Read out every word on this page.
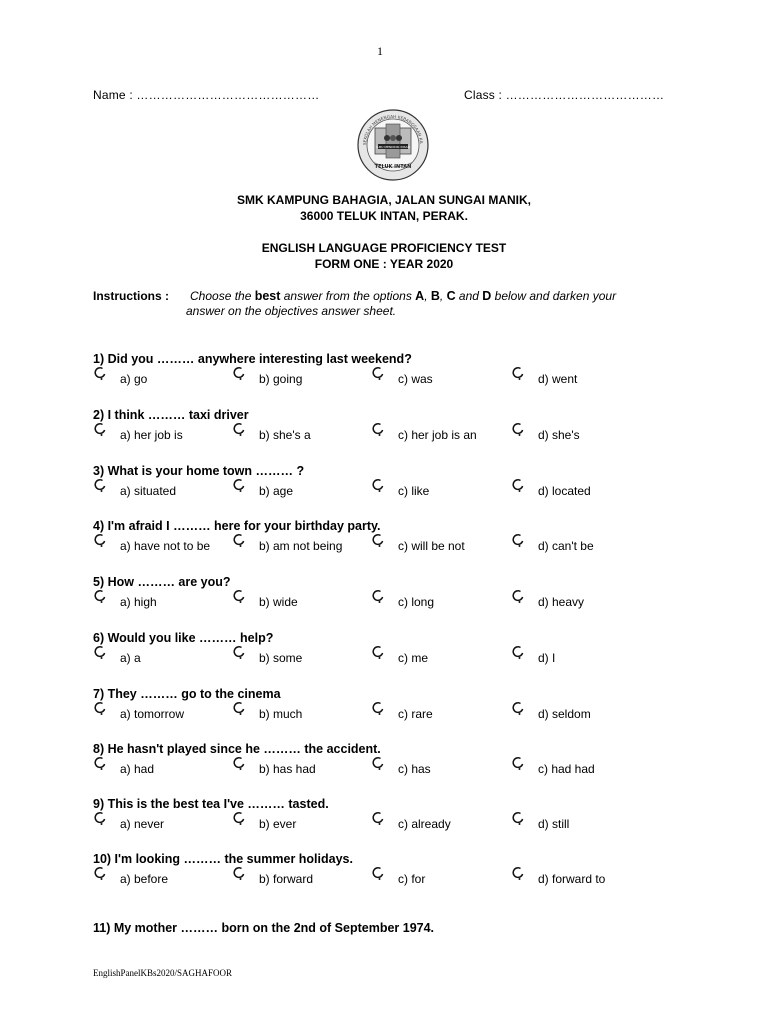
1
Name : ………………………………………	Class : …………………………………
SEKOLAH MENENGAH KEBANGSAAN KA
ILMU MENDIDIK INSAN
TELUK INTAN
SMK KAMPUNG BAHAGIA, JALAN SUNGAI MANIK,
36000 TELUK INTAN, PERAK.
ENGLISH LANGUAGE PROFICIENCY TEST
FORM ONE : YEAR 2020
Instructions : Choose the best answer from the options A, B, C and D below and darken your
answer on the objectives answer sheet.
1) Did you ……… anywhere interesting last weekend?
a) go	b) going	c) was	d) went
2) I think ……… taxi driver
a) her job is	b) she's a	c) her job is an	d) she's
3) What is your home town ……… ?
a) situated	b) age	c) like	d) located
4) I'm afraid I ……… here for your birthday party.
a) have not to be	b) am not being	c) will be not	d) can't be
5) How ……… are you?
a) high	b) wide	c) long	d) heavy
6) Would you like ……… help?
a) a	b) some	c) me	d) I
7) They ……… go to the cinema
a) tomorrow	b) much	c) rare	d) seldom
8) He hasn't played since he ……… the accident.
a) had	b) has had	c) has	c) had had
9) This is the best tea I've ……… tasted.
a) never	b) ever	c) already	d) still
10) I'm looking ……… the summer holidays.
a) before	b) forward	c) for	d) forward to
11) My mother ……… born on the 2nd of September 1974.
EnglishPanelKBs2020/SAGHAFOOR
